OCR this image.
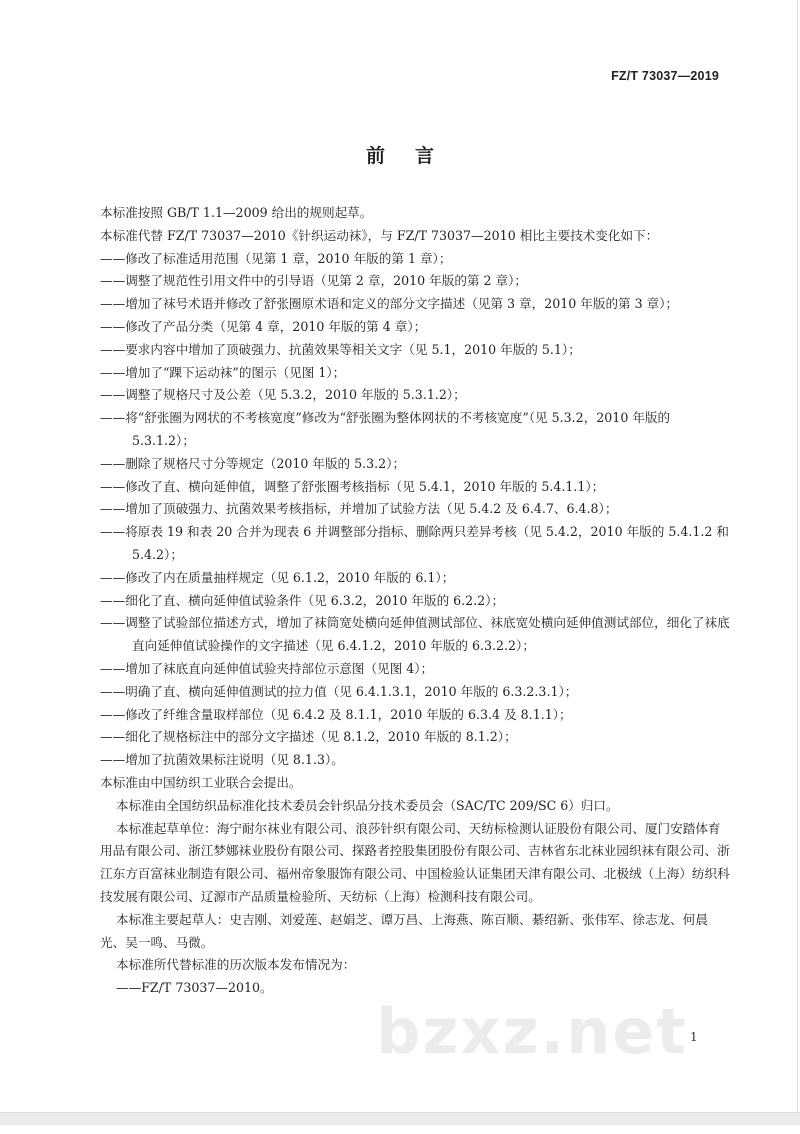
FZ/T 73037—2019
前言

本标准按照 GB/T 1.1—2009 给出的规则起草。

本标准代替 FZ/T 73037—2010《针织运动袜》，与 FZ/T 73037—2010 相比主要技术变化如下：

——修改了标准适用范围（见第 1 章，2010 年版的第 1 章）；

——调整了规范性引用文件中的引导语（见第 2 章，2010 年版的第 2 章）；

——增加了袜号术语并修改了舒张圈原术语和定义的部分文字描述（见第 3 章，2010 年版的第 3 章）；

——修改了产品分类（见第 4 章，2010 年版的第 4 章）；

——要求内容中增加了顶破强力、抗菌效果等相关文字（见 5.1，2010 年版的 5.1）；

——增加了“踝下运动袜”的图示（见图 1）；

——调整了规格尺寸及公差（见 5.3.2，2010 年版的 5.3.1.2）；

——将“舒张圈为网状的不考核宽度”修改为“舒张圈为整体网状的不考核宽度”（见 5.3.2，2010 年版的 5.3.1.2）；

——删除了规格尺寸分等规定（2010 年版的 5.3.2）；

——修改了直、横向延伸值，调整了舒张圈考核指标（见 5.4.1，2010 年版的 5.4.1.1）；

——增加了顶破强力、抗菌效果考核指标，并增加了试验方法（见 5.4.2 及 6.4.7、6.4.8）；

——将原表 19 和表 20 合并为现表 6 并调整部分指标、删除两只差异考核（见 5.4.2，2010 年版的 5.4.1.2 和 5.4.2）；

——修改了内在质量抽样规定（见 6.1.2，2010 年版的 6.1）；

——细化了直、横向延伸值试验条件（见 6.3.2，2010 年版的 6.2.2）；

——调整了试验部位描述方式，增加了袜筒宽处横向延伸值测试部位、袜底宽处横向延伸值测试部位，细化了袜底直向延伸值试验操作的文字描述（见 6.4.1.2，2010 年版的 6.3.2.2）；

——增加了袜底直向延伸值试验夹持部位示意图（见图 4）；

——明确了直、横向延伸值测试的拉力值（见 6.4.1.3.1，2010 年版的 6.3.2.3.1）；

——修改了纤维含量取样部位（见 6.4.2 及 8.1.1，2010 年版的 6.3.4 及 8.1.1）；

——细化了规格标注中的部分文字描述（见 8.1.2，2010 年版的 8.1.2）；

——增加了抗菌效果标注说明（见 8.1.3）。

本标准由中国纺织工业联合会提出。

本标准由全国纺织品标准化技术委员会针织品分技术委员会（SAC/TC 209/SC 6）归口。

本标准起草单位：海宁耐尔袜业有限公司、浪莎针织有限公司、天纺标检测认证股份有限公司、厦门安踏体育用品有限公司、浙江梦娜袜业股份有限公司、探路者控股集团股份有限公司、吉林省东北袜业园织袜有限公司、浙江东方百富袜业制造有限公司、福州帝象服饰有限公司、中国检验认证集团天津有限公司、北极绒（上海）纺织科技发展有限公司、辽源市产品质量检验所、天纺标（上海）检测科技有限公司。

本标准主要起草人：史吉刚、刘爱莲、赵娟芝、谭万昌、上海燕、陈百顺、綦绍新、张伟军、徐志龙、何晨光、吴一鸣、马微。

本标准所代替标准的历次版本发布情况为：

——FZ/T 73037—2010。

bzxz.net 1
